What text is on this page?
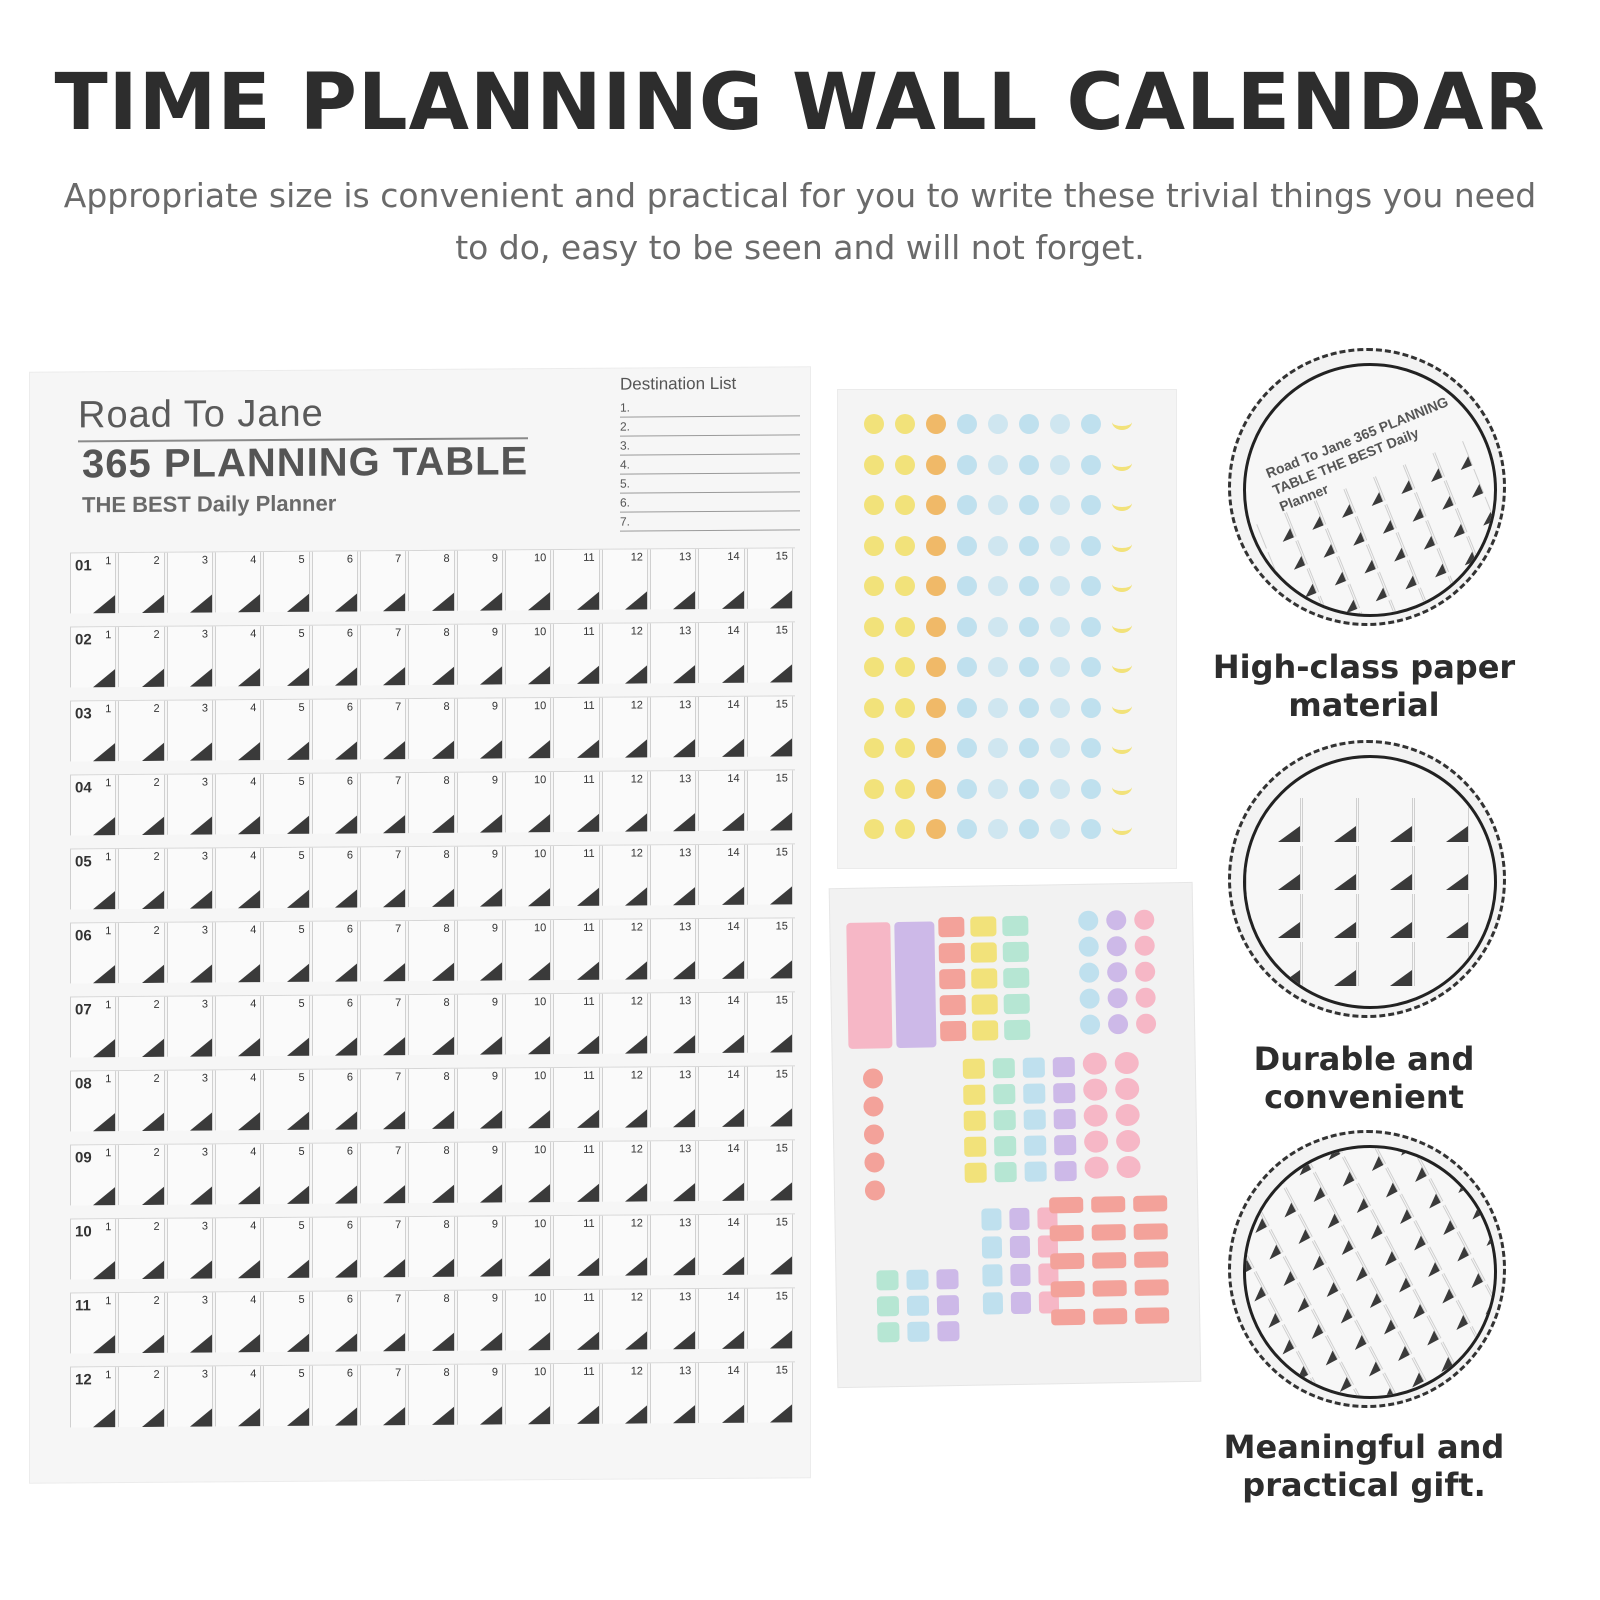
TIME PLANNING WALL CALENDAR

Appropriate size is convenient and practical for you to write these trivial things you need to do, easy to be seen and will not forget.

Road To Jane
365 PLANNING TABLE
THE BEST Daily Planner
Destination List
1.
2.
3.
4.
5.
6.
7.
01 1	2	3	4	5	6	7	8	9	10	11	12	13	14	15
02 1	2	3	4	5	6	7	8	9	10	11	12	13	14	15
03 1	2	3	4	5	6	7	8	9	10	11	12	13	14	15
04 1	2	3	4	5	6	7	8	9	10	11	12	13	14	15
05 1	2	3	4	5	6	7	8	9	10	11	12	13	14	15
06 1	2	3	4	5	6	7	8	9	10	11	12	13	14	15
07 1	2	3	4	5	6	7	8	9	10	11	12	13	14	15
08 1	2	3	4	5	6	7	8	9	10	11	12	13	14	15
09 1	2	3	4	5	6	7	8	9	10	11	12	13	14	15
10 1	2	3	4	5	6	7	8	9	10	11	12	13	14	15
11 1	2	3	4	5	6	7	8	9	10	11	12	13	14	15
12 1	2	3	4	5	6	7	8	9	10	11	12	13	14	15
Road To Jane 365 PLANNING TABLE THE BEST Daily Planner
High-class paper material
Durable and convenient
Meaningful and practical gift.
